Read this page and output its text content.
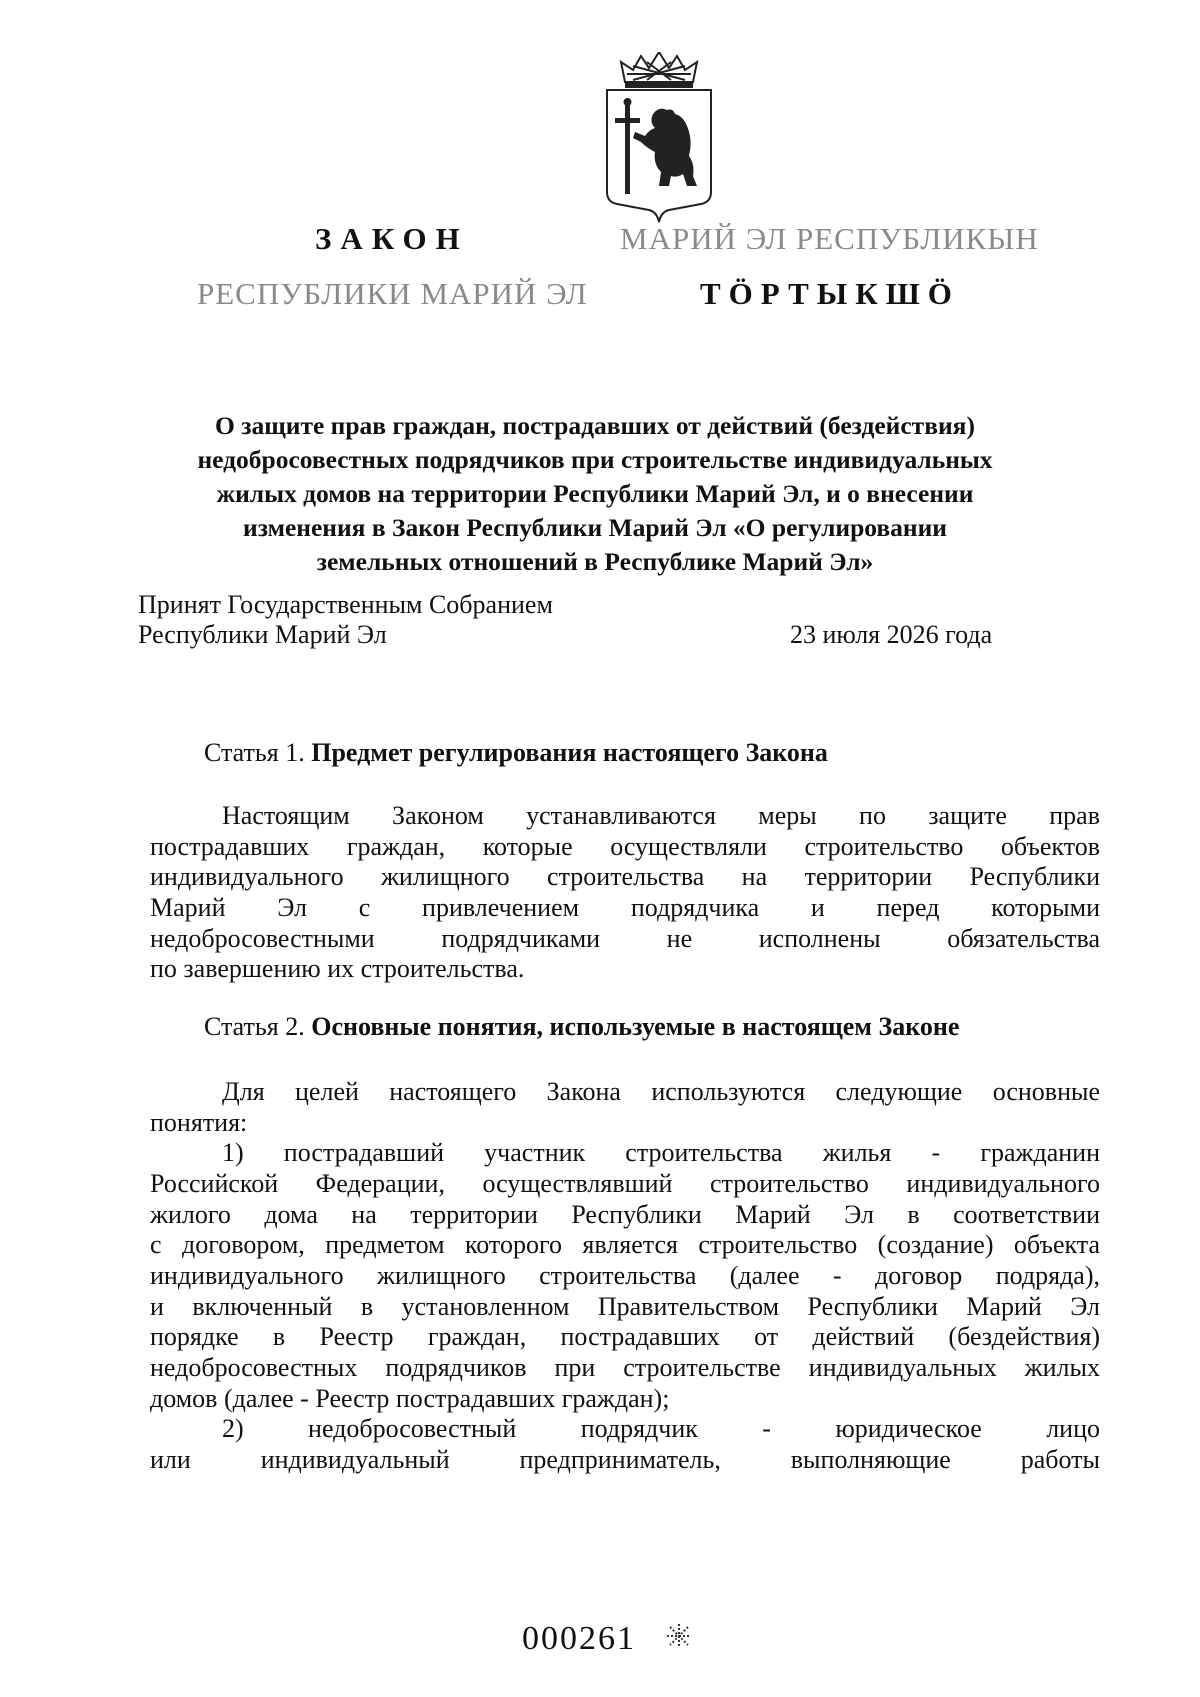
ЗАКОН
РЕСПУБЛИКИ МАРИЙ ЭЛ
МАРИЙ ЭЛ РЕСПУБЛИКЫН
ТӦРТЫКШӦ
О защите прав граждан, пострадавших от действий (бездействия)
недобросовестных подрядчиков при строительстве индивидуальных
жилых домов на территории Республики Марий Эл, и о внесении
изменения в Закон Республики Марий Эл «О регулировании
земельных отношений в Республике Марий Эл»
Принят Государственным Собранием
Республики Марий Эл	23 июля 2026 года
Статья 1. Предмет регулирования настоящего Закона
Настоящим Законом устанавливаются меры по защите прав
пострадавших граждан, которые осуществляли строительство объектов
индивидуального жилищного строительства на территории Республики
Марий Эл с привлечением подрядчика и перед которыми
недобросовестными подрядчиками не исполнены обязательства
по завершению их строительства.
Статья 2. Основные понятия, используемые в настоящем Законе
Для целей настоящего Закона используются следующие основные
понятия:
1) пострадавший участник строительства жилья - гражданин
Российской Федерации, осуществлявший строительство индивидуального
жилого дома на территории Республики Марий Эл в соответствии
с договором, предметом которого является строительство (создание) объекта
индивидуального жилищного строительства (далее - договор подряда),
и включенный в установленном Правительством Республики Марий Эл
порядке в Реестр граждан, пострадавших от действий (бездействия)
недобросовестных подрядчиков при строительстве индивидуальных жилых
домов (далее - Реестр пострадавших граждан);
2) недобросовестный подрядчик - юридическое лицо
или индивидуальный предприниматель, выполняющие работы
000261
